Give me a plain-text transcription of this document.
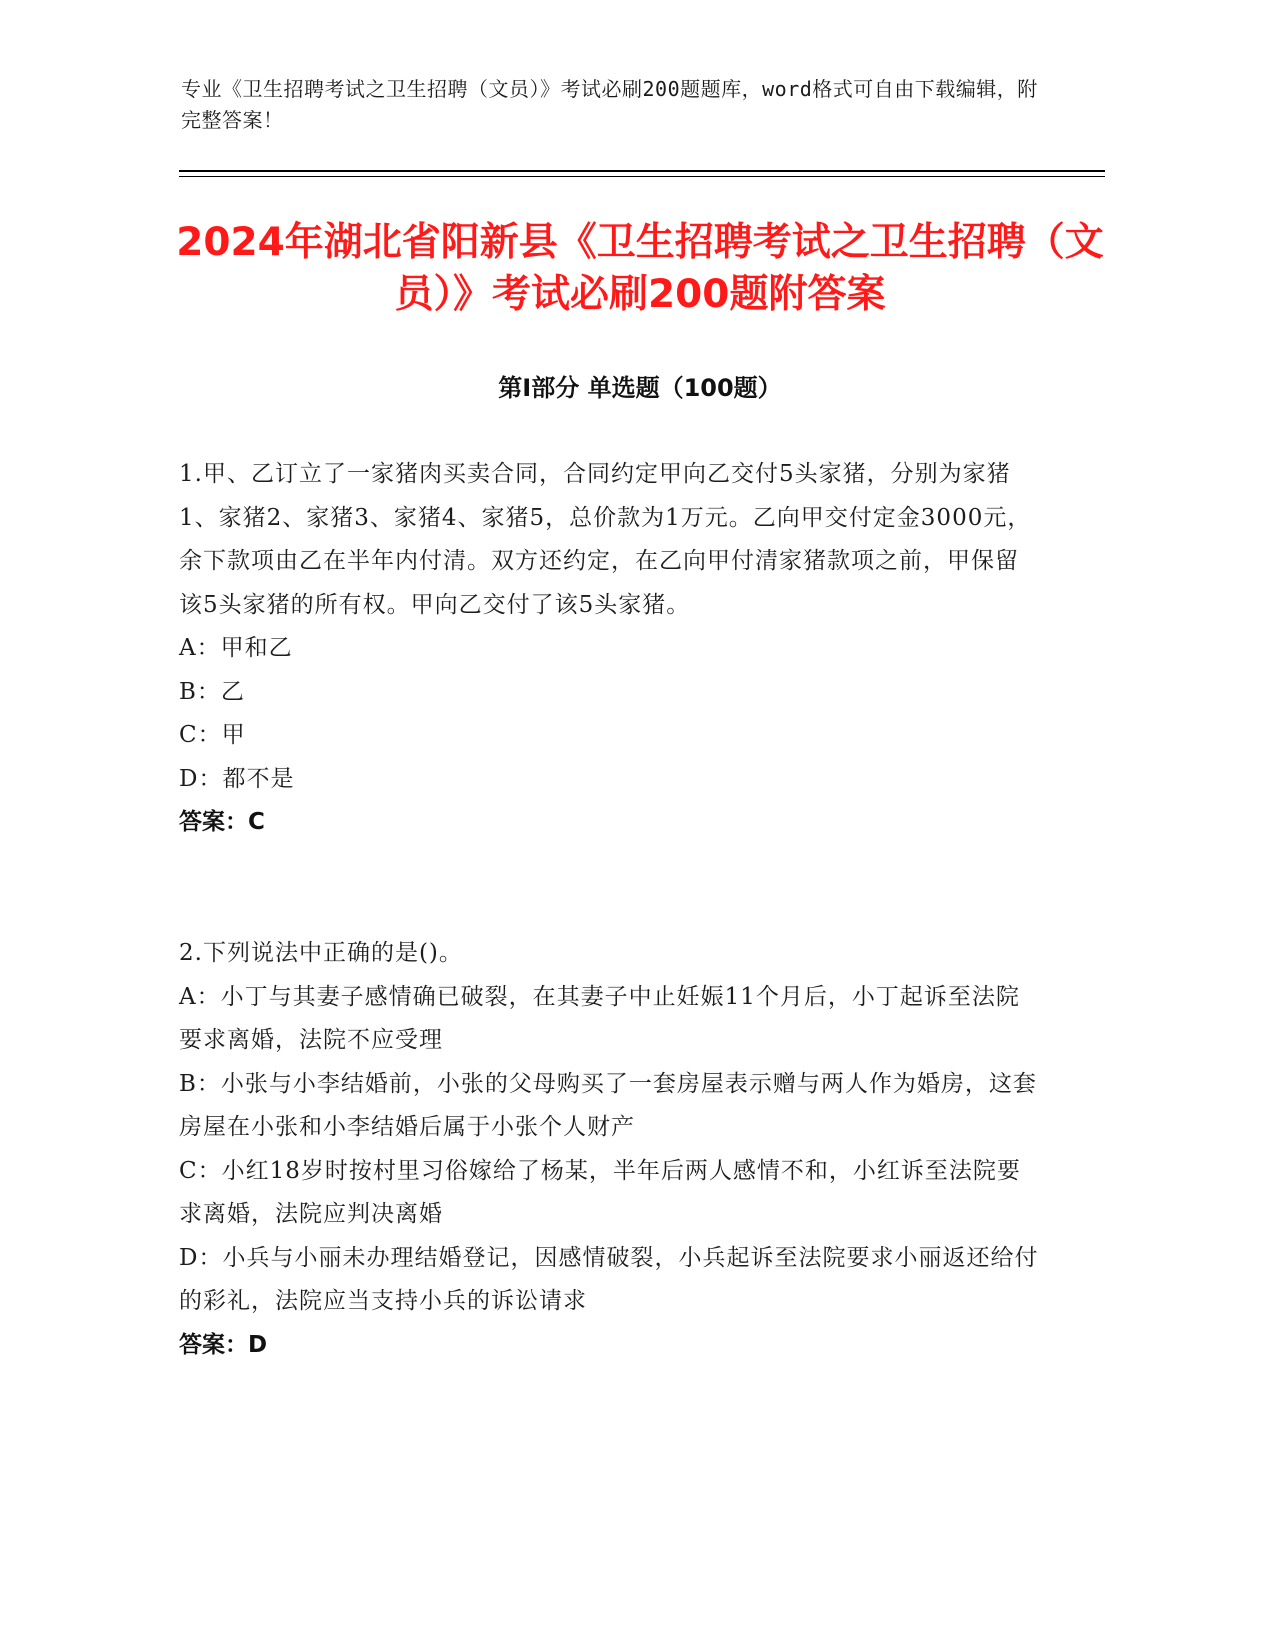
专业《卫生招聘考试之卫生招聘（文员）》考试必刷200题题库，word格式可自由下载编辑，附完整答案！
2024年湖北省阳新县《卫生招聘考试之卫生招聘（文员）》考试必刷200题附答案
第Ⅰ部分 单选题（100题）

1.甲、乙订立了一家猪肉买卖合同，合同约定甲向乙交付5头家猪，分别为家猪1、家猪2、家猪3、家猪4、家猪5，总价款为1万元。乙向甲交付定金3000元，余下款项由乙在半年内付清。双方还约定，在乙向甲付清家猪款项之前，甲保留该5头家猪的所有权。甲向乙交付了该5头家猪。

A：甲和乙

B：乙

C：甲

D：都不是

答案：C

2.下列说法中正确的是()。

A：小丁与其妻子感情确已破裂，在其妻子中止妊娠11个月后，小丁起诉至法院要求离婚，法院不应受理

B：小张与小李结婚前，小张的父母购买了一套房屋表示赠与两人作为婚房，这套房屋在小张和小李结婚后属于小张个人财产

C：小红18岁时按村里习俗嫁给了杨某，半年后两人感情不和，小红诉至法院要求离婚，法院应判决离婚

D：小兵与小丽未办理结婚登记，因感情破裂，小兵起诉至法院要求小丽返还给付的彩礼，法院应当支持小兵的诉讼请求

答案：D
